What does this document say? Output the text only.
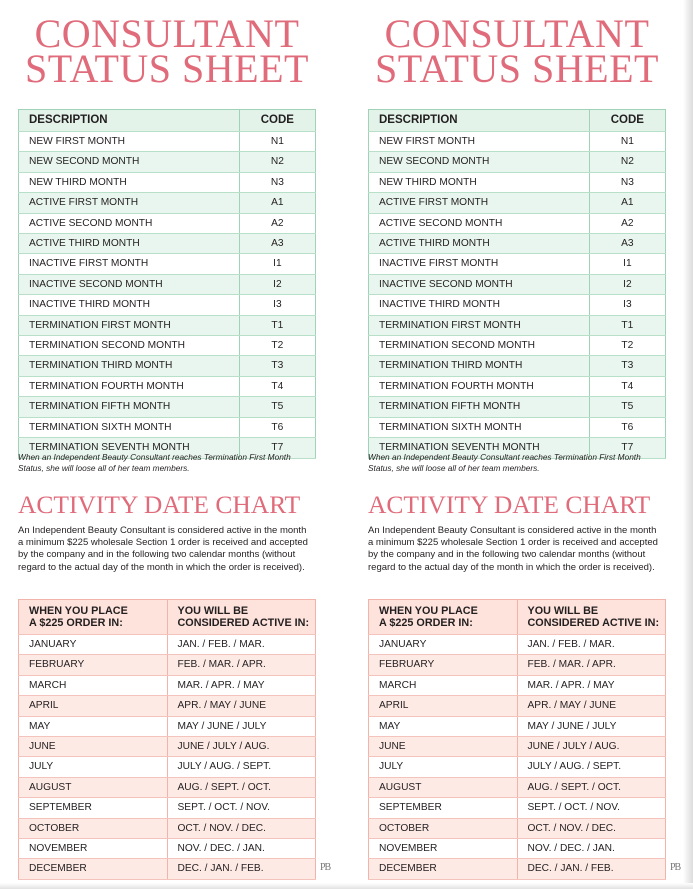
CONSULTANT
STATUS SHEET
DESCRIPTION	CODE
NEW FIRST MONTH	N1
NEW SECOND MONTH	N2
NEW THIRD MONTH	N3
ACTIVE FIRST MONTH	A1
ACTIVE SECOND MONTH	A2
ACTIVE THIRD MONTH	A3
INACTIVE FIRST MONTH	I1
INACTIVE SECOND MONTH	I2
INACTIVE THIRD MONTH	I3
TERMINATION FIRST MONTH	T1
TERMINATION SECOND MONTH	T2
TERMINATION THIRD MONTH	T3
TERMINATION FOURTH MONTH	T4
TERMINATION FIFTH MONTH	T5
TERMINATION SIXTH MONTH	T6
TERMINATION SEVENTH MONTH	T7
When an Independent Beauty Consultant reaches Termination First Month Status, she will loose all of her team members.
ACTIVITY DATE CHART
An Independent Beauty Consultant is considered active in the month a minimum $225 wholesale Section 1 order is received and accepted by the company and in the following two calendar months (without regard to the actual day of the month in which the order is received).
WHEN YOU PLACE
A $225 ORDER IN:	YOU WILL BE
CONSIDERED ACTIVE IN:
JANUARY	JAN. / FEB. / MAR.
FEBRUARY	FEB. / MAR. / APR.
MARCH	MAR. / APR. / MAY
APRIL	APR. / MAY / JUNE
MAY	MAY / JUNE / JULY
JUNE	JUNE / JULY / AUG.
JULY	JULY / AUG. / SEPT.
AUGUST	AUG. / SEPT. / OCT.
SEPTEMBER	SEPT. / OCT. / NOV.
OCTOBER	OCT. / NOV. / DEC.
NOVEMBER	NOV. / DEC. / JAN.
DECEMBER	DEC. / JAN. / FEB.
CONSULTANT
STATUS SHEET
DESCRIPTION	CODE
NEW FIRST MONTH	N1
NEW SECOND MONTH	N2
NEW THIRD MONTH	N3
ACTIVE FIRST MONTH	A1
ACTIVE SECOND MONTH	A2
ACTIVE THIRD MONTH	A3
INACTIVE FIRST MONTH	I1
INACTIVE SECOND MONTH	I2
INACTIVE THIRD MONTH	I3
TERMINATION FIRST MONTH	T1
TERMINATION SECOND MONTH	T2
TERMINATION THIRD MONTH	T3
TERMINATION FOURTH MONTH	T4
TERMINATION FIFTH MONTH	T5
TERMINATION SIXTH MONTH	T6
TERMINATION SEVENTH MONTH	T7
When an Independent Beauty Consultant reaches Termination First Month Status, she will loose all of her team members.
ACTIVITY DATE CHART
An Independent Beauty Consultant is considered active in the month a minimum $225 wholesale Section 1 order is received and accepted by the company and in the following two calendar months (without regard to the actual day of the month in which the order is received).
WHEN YOU PLACE
A $225 ORDER IN:	YOU WILL BE
CONSIDERED ACTIVE IN:
JANUARY	JAN. / FEB. / MAR.
FEBRUARY	FEB. / MAR. / APR.
MARCH	MAR. / APR. / MAY
APRIL	APR. / MAY / JUNE
MAY	MAY / JUNE / JULY
JUNE	JUNE / JULY / AUG.
JULY	JULY / AUG. / SEPT.
AUGUST	AUG. / SEPT. / OCT.
SEPTEMBER	SEPT. / OCT. / NOV.
OCTOBER	OCT. / NOV. / DEC.
NOVEMBER	NOV. / DEC. / JAN.
DECEMBER	DEC. / JAN. / FEB.
P​B	P​B
